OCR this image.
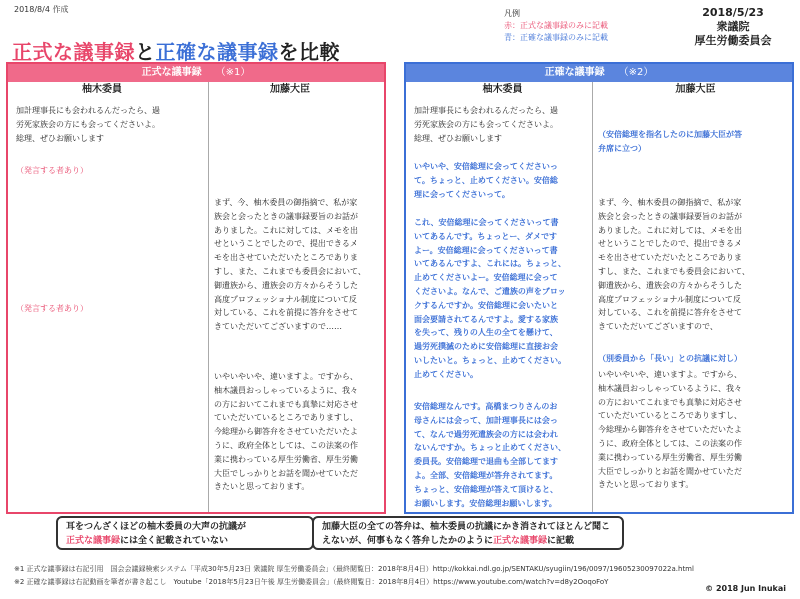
2018/8/4 作成
正式な議事録と正確な議事録を比較
凡例
赤：正式な議事録のみに記載
青：正確な議事録のみに記載
2018/5/23
衆議院
厚生労働委員会
正式な議事録 （※1）
柚木委員	加藤大臣
加計理事長にも会われるんだったら、過
労死家族会の方にも会ってくださいよ。
総理、ぜひお願いします
（発言する者あり）
（発言する者あり）
まず、今、柚木委員の御指摘で、私が家
族会と会ったときの議事録要旨のお話が
ありました。これに対しては、メモを出
せということでしたので、提出できるメ
モを出させていただいたところでありま
すし、また、これまでも委員会において、
御遺族から、遺族会の方々からそうした
高度プロフェッショナル制度について反
対している、これを前提に答弁をさせて
きていただいてございますので……
いやいやいや、違いますよ。ですから、
柚木議員おっしゃっているように、我々
の方においてこれまでも真摯に対応させ
ていただいているところでありますし、
今総理から御答弁をさせていただいたよ
うに、政府全体としては、この法案の作
業に携わっている厚生労働省、厚生労働
大臣でしっかりとお話を聞かせていただ
きたいと思っております。
正確な議事録 （※2）
柚木委員	加藤大臣
加計理事長にも会われるんだったら、過
労死家族会の方にも会ってくださいよ。
総理、ぜひお願いします
いやいや、安倍総理に会ってくださいっ
て。ちょっと、止めてください。安倍総
理に会ってくださいって。
これ、安倍総理に会ってくださいって書
いてあるんです。ちょっとー、ダメです
よー。安倍総理に会ってくださいって書
いてあるんですよ、これには。ちょっと、
止めてくださいよー。安倍総理に会って
くださいよ。なんで、ご遺族の声をブロッ
クするんですか。安倍総理に会いたいと
面会要請されてるんですよ。愛する家族
を失って、残りの人生の全てを懸けて、
過労死撲滅のために安倍総理に直接お会
いしたいと。ちょっと、止めてください。
止めてください。
安倍総理なんです。高橋まつりさんのお
母さんには会って、加計理事長には会っ
て、なんで過労死遺族会の方には会われ
ないんですか。ちょっと止めてください、
委員長。安倍総理で退曲も全部してます
よ。全部、安倍総理が答弁されてます。
ちょっと、安倍総理が答えて頂けると、
お願いします。安倍総理お願いします。
（安倍総理を指名したのに加藤大臣が答
弁席に立つ）
まず、今、柚木委員の御指摘で、私が家
族会と会ったときの議事録要旨のお話が
ありました。これに対しては、メモを出
せということでしたので、提出できるメ
モを出させていただいたところでありま
すし、また、これまでも委員会において、
御遺族から、遺族会の方々からそうした
高度プロフェッショナル制度について反
対している、これを前提に答弁をさせて
きていただいてございますので、
（別委員から「長い」との抗議に対し）
いやいやいや、違いますよ。ですから、
柚木議員おっしゃっているように、我々
の方においてこれまでも真摯に対応させ
ていただいているところでありますし、
今総理から御答弁をさせていただいたよ
うに、政府全体としては、この法案の作
業に携わっている厚生労働省、厚生労働
大臣でしっかりとお話を聞かせていただ
きたいと思っております。
耳をつんざくほどの柚木委員の大声の抗議が
正式な議事録には全く記載されていない
加藤大臣の全ての答弁は、柚木委員の抗議にかき消されてほとんど聞こ
えないが、何事もなく答弁したかのように正式な議事録に記載
※1 正式な議事録は右記引用　国会会議録検索システム「平成30年5月23日 衆議院 厚生労働委員会」（最終閲覧日：2018年8月4日）http://kokkai.ndl.go.jp/SENTAKU/syugiin/196/0097/19605230097022a.html
※2 正確な議事録は右記動画を筆者が書き起こし　Youtube「2018年5月23日午後 厚生労働委員会」（最終閲覧日：2018年8月4日）https://www.youtube.com/watch?v=d8y2OoqoFoY
© 2018 Jun Inukai
